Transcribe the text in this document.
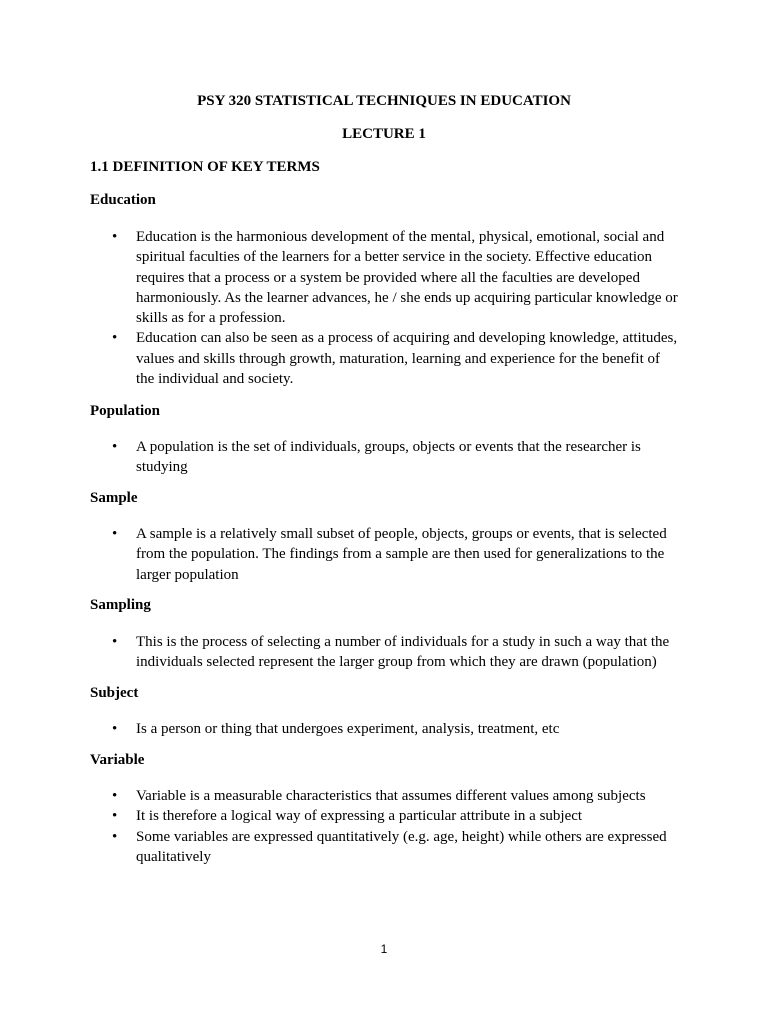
PSY 320 STATISTICAL TECHNIQUES IN EDUCATION
LECTURE 1
1.1 DEFINITION OF KEY TERMS
Education
• Education is the harmonious development of the mental, physical, emotional, social and spiritual faculties of the learners for a better service in the society. Effective education requires that a process or a system be provided where all the faculties are developed harmoniously. As the learner advances, he / she ends up acquiring particular knowledge or skills as for a profession.
• Education can also be seen as a process of acquiring and developing knowledge, attitudes, values and skills through growth, maturation, learning and experience for the benefit of the individual and society.
Population
• A population is the set of individuals, groups, objects or events that the researcher is studying
Sample
• A sample is a relatively small subset of people, objects, groups or events, that is selected from the population. The findings from a sample are then used for generalizations to the larger population
Sampling
• This is the process of selecting a number of individuals for a study in such a way that the individuals selected represent the larger group from which they are drawn (population)
Subject
• Is a person or thing that undergoes experiment, analysis, treatment, etc
Variable
• Variable is a measurable characteristics that assumes different values among subjects
• It is therefore a logical way of expressing a particular attribute in a subject
• Some variables are expressed quantitatively (e.g. age, height) while others are expressed qualitatively
1
